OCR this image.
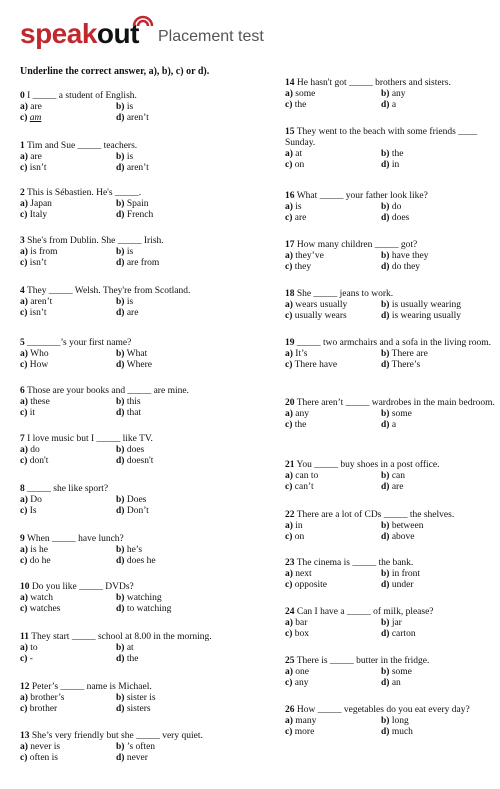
speakout Placement test
Underline the correct answer, a), b), c) or d).
0 I _____ a student of English.
a) are	b) is
c) am	d) aren’t
1 Tim and Sue _____ teachers.
a) are	b) is
c) isn’t	d) aren’t
2 This is Sébastien. He's _____.
a) Japan	b) Spain
c) Italy	d) French
3 She's from Dublin. She _____ Irish.
a) is from	b) is
c) isn’t	d) are from
4 They _____ Welsh. They're from Scotland.
a) aren’t	b) is
c) isn’t	d) are
5 _______’s your first name?
a) Who	b) What
c) How	d) Where
6 Those are your books and _____ are mine.
a) these	b) this
c) it	d) that
7 I love music but I _____ like TV.
a) do	b) does
c) don't	d) doesn't
8 _____ she like sport?
a) Do	b) Does
c) Is	d) Don’t
9 When _____ have lunch?
a) is he	b) he’s
c) do he	d) does he
10 Do you like _____ DVDs?
a) watch	b) watching
c) watches	d) to watching
11 They start _____ school at 8.00 in the morning.
a) to	b) at
c) -	d) the
12 Peter’s _____ name is Michael.
a) brother’s	b) sister is
c) brother	d) sisters
13 She’s very friendly but she _____ very quiet.
a) never is	b) ’s often
c) often is	d) never
14 He hasn't got _____ brothers and sisters.
a) some	b) any
c) the	d) a
15 They went to the beach with some friends ____ Sunday.
a) at	b) the
c) on	d) in
16 What _____ your father look like?
a) is	b) do
c) are	d) does
17 How many children _____ got?
a) they’ve	b) have they
c) they	d) do they
18 She _____ jeans to work.
a) wears usually	b) is usually wearing
c) usually wears	d) is wearing usually
19 _____ two armchairs and a sofa in the living room.
a) It’s	b) There are
c) There have	d) There’s
20 There aren’t _____ wardrobes in the main bedroom.
a) any	b) some
c) the	d) a
21 You _____ buy shoes in a post office.
a) can to	b) can
c) can’t	d) are
22 There are a lot of CDs _____ the shelves.
a) in	b) between
c) on	d) above
23 The cinema is _____ the bank.
a) next	b) in front
c) opposite	d) under
24 Can I have a _____ of milk, please?
a) bar	b) jar
c) box	d) carton
25 There is _____ butter in the fridge.
a) one	b) some
c) any	d) an
26 How _____ vegetables do you eat every day?
a) many	b) long
c) more	d) much
